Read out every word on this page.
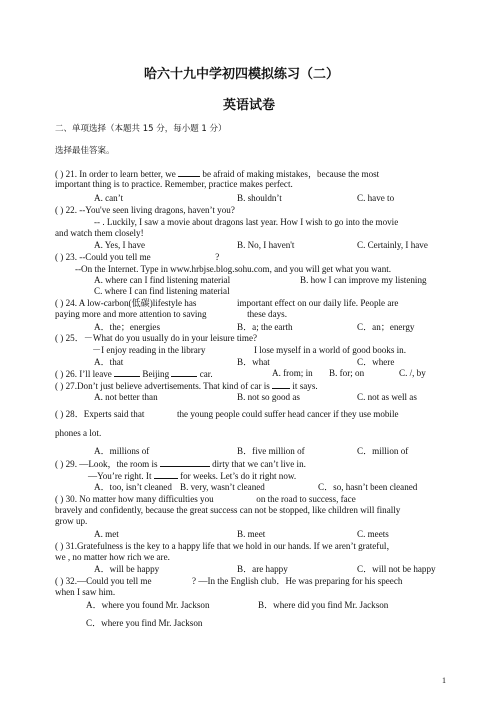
哈六十九中学初四模拟练习（二）
英语试卷
二、单项选择（本题共 15 分，每小题 1 分）
选择最佳答案。
( ) 21. In order to learn better, we	be afraid of making mistakes，because the most
important thing is to practice. Remember, practice makes perfect.
A. can’t	B. shouldn’t	C. have to
( ) 22. --You've seen living dragons, haven’t you?
-- . Luckily, I saw a movie about dragons last year. How I wish to go into the movie
and watch them closely!
A. Yes, I have	B. No, I haven't	C. Certainly, I have
( ) 23. --Could you tell me	?
--On the Internet. Type in www.hrbjse.blog.sohu.com, and you will get what you want.
A. where can I find listening material	B. how I can improve my listening
C. where I can find listening material
( ) 24. A low-carbon(低碳)lifestyle has	important effect on our daily life. People are
paying more and more attention to saving	these days.
A．the；energies	B．a; the earth	C．an；energy
( ) 25．－What do you usually do in your leisure time?
－I enjoy reading in the library	I lose myself in a world of good books in.
A．that	B．what	C．where
( ) 26. I’ll leave	Beijing	car.	A. from; in B. for; on	C. /, by
( ) 27.Don’t just believe advertisements. That kind of car is it says.
A. not better than	B. not so good as	C. not as well as
( ) 28．Experts said that	the young people could suffer head cancer if they use mobile
phones a lot.
A．millions of	B．five million of	C．million of
( ) 29. —Look，the room is	dirty that we can’t live in.
—You’re right. It	for weeks. Let’s do it right now.
A．too, isn’t cleaned B. very, wasn’t cleaned	C．so, hasn’t been cleaned
( ) 30. No matter how many difficulties you	on the road to success, face
bravely and confidently, because the great success can not be stopped, like children will finally
grow up.
A. met	B. meet	C. meets
( ) 31.Gratefulness is the key to a happy life that we hold in our hands. If we aren’t grateful，
we , no matter how rich we are.
A．will be happy	B．are happy	C．will not be happy
( ) 32.—Could you tell me	? —In the English club．He was preparing for his speech
when I saw him.
A．where you found Mr. Jackson	B．where did you find Mr. Jackson
C．where you find Mr. Jackson
1
